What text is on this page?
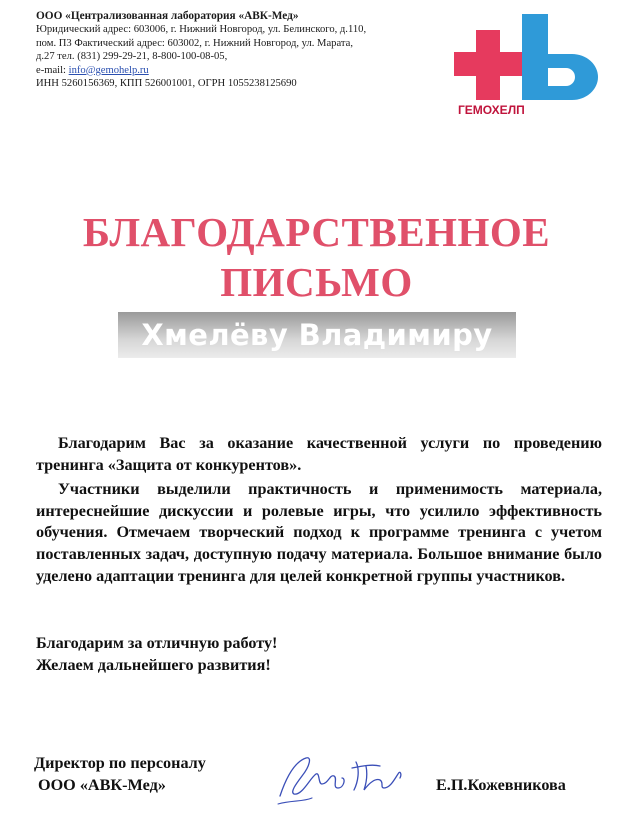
ООО «Централизованная лаборатория «АВК-Мед»
Юридический адрес: 603006, г. Нижний Новгород, ул. Белинского, д.110,
пом. П3 Фактический адрес: 603002, г. Нижний Новгород, ул. Марата,
д.27 тел. (831) 299-29-21, 8-800-100-08-05,
e-mail: info@gemohelp.ru
ИНН 5260156369, КПП 526001001, ОГРН 1055238125690
ГЕМОХЕЛП
БЛАГОДАРСТВЕННОЕ
ПИСЬМО
Хмелёву Владимиру
Благодарим Вас за оказание качественной услуги по проведению тренинга «Защита от конкурентов».
Участники выделили практичность и применимость материала, интереснейшие дискуссии и ролевые игры, что усилило эффективность обучения. Отмечаем творческий подход к программе тренинга с учетом поставленных задач, доступную подачу материала. Большое внимание было уделено адаптации тренинга для целей конкретной группы участников.
Благодарим за отличную работу!
Желаем дальнейшего развития!
Директор по персоналу
ООО «АВК-Мед»	Е.П.Кожевникова
